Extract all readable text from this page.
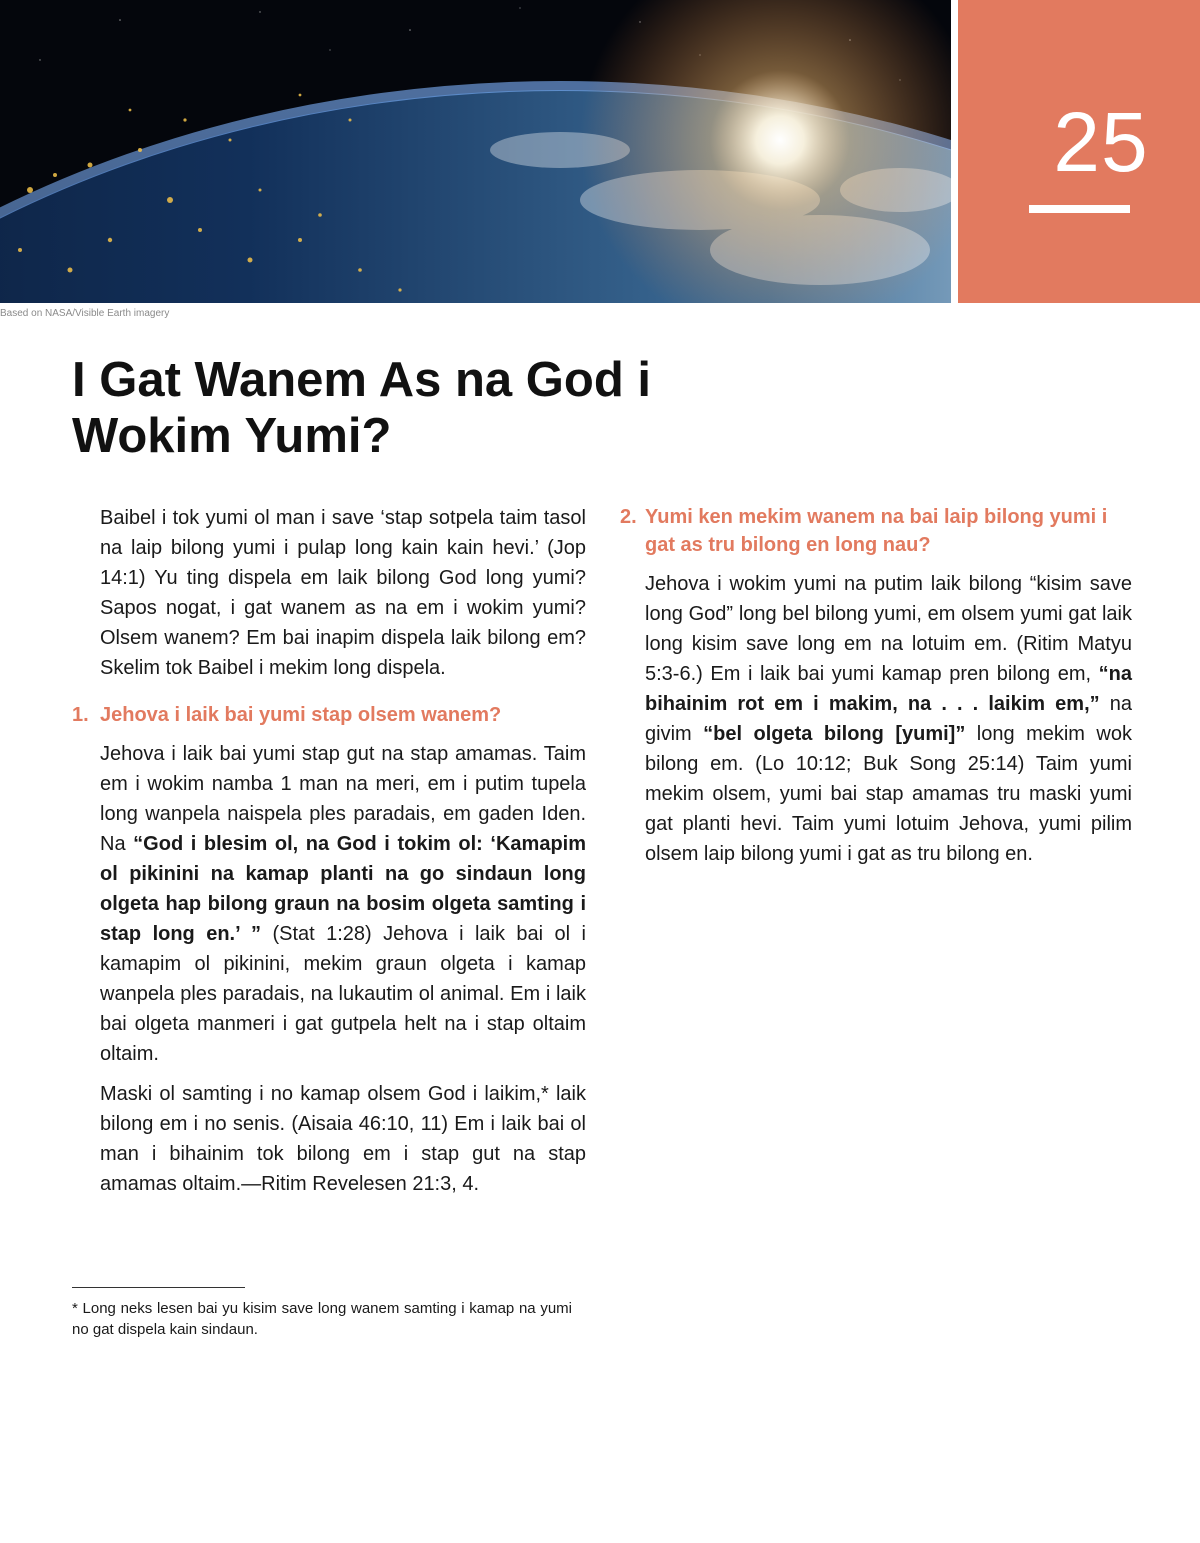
25
Based on NASA/Visible Earth imagery
I Gat Wanem As na God i Wokim Yumi?

Baibel i tok yumi ol man i save ‘stap sotpela taim tasol na laip bilong yumi i pulap long kain kain hevi.’ (Jop 14:1) Yu ting dispela em laik bilong God long yumi? Sapos nogat, i gat wanem as na em i wokim yumi? Olsem wanem? Em bai inapim dispela laik bilong em? Skelim tok Baibel i mekim long dispela.

1. Jehova i laik bai yumi stap olsem wanem?

Jehova i laik bai yumi stap gut na stap amamas. Taim em i wokim namba 1 man na meri, em i putim tupela long wanpela naispela ples paradais, em gaden Iden. Na “God i blesim ol, na God i tokim ol: ‘Kamapim ol pikinini na kamap planti na go sindaun long olgeta hap bilong graun na bosim olgeta samting i stap long en.’ ” (Stat 1:28) Jehova i laik bai ol i kamapim ol pikinini, mekim graun olgeta i kamap wanpela ples paradais, na lukautim ol animal. Em i laik bai olgeta manmeri i gat gutpela helt na i stap oltaim oltaim.

Maski ol samting i no kamap olsem God i laikim,* laik bilong em i no senis. (Aisaia 46:10, 11) Em i laik bai ol man i bihainim tok bilong em i stap gut na stap amamas oltaim.—Ritim Revelesen 21:3, 4.

2. Yumi ken mekim wanem na bai laip bilong yumi i gat as tru bilong en long nau?

Jehova i wokim yumi na putim laik bilong “kisim save long God” long bel bilong yumi, em olsem yumi gat laik long kisim save long em na lotuim em. (Ritim Matyu 5:3-6.) Em i laik bai yumi kamap pren bilong em, “na bihainim rot em i makim, na . . . laikim em,” na givim “bel olgeta bilong [yumi]” long mekim wok bilong em. (Lo 10:12; Buk Song 25:14) Taim yumi mekim olsem, yumi bai stap amamas tru maski yumi gat planti hevi. Taim yumi lotuim Jehova, yumi pilim olsem laip bilong yumi i gat as tru bilong en.

* Long neks lesen bai yu kisim save long wanem samting i kamap na yumi no gat dispela kain sindaun.
